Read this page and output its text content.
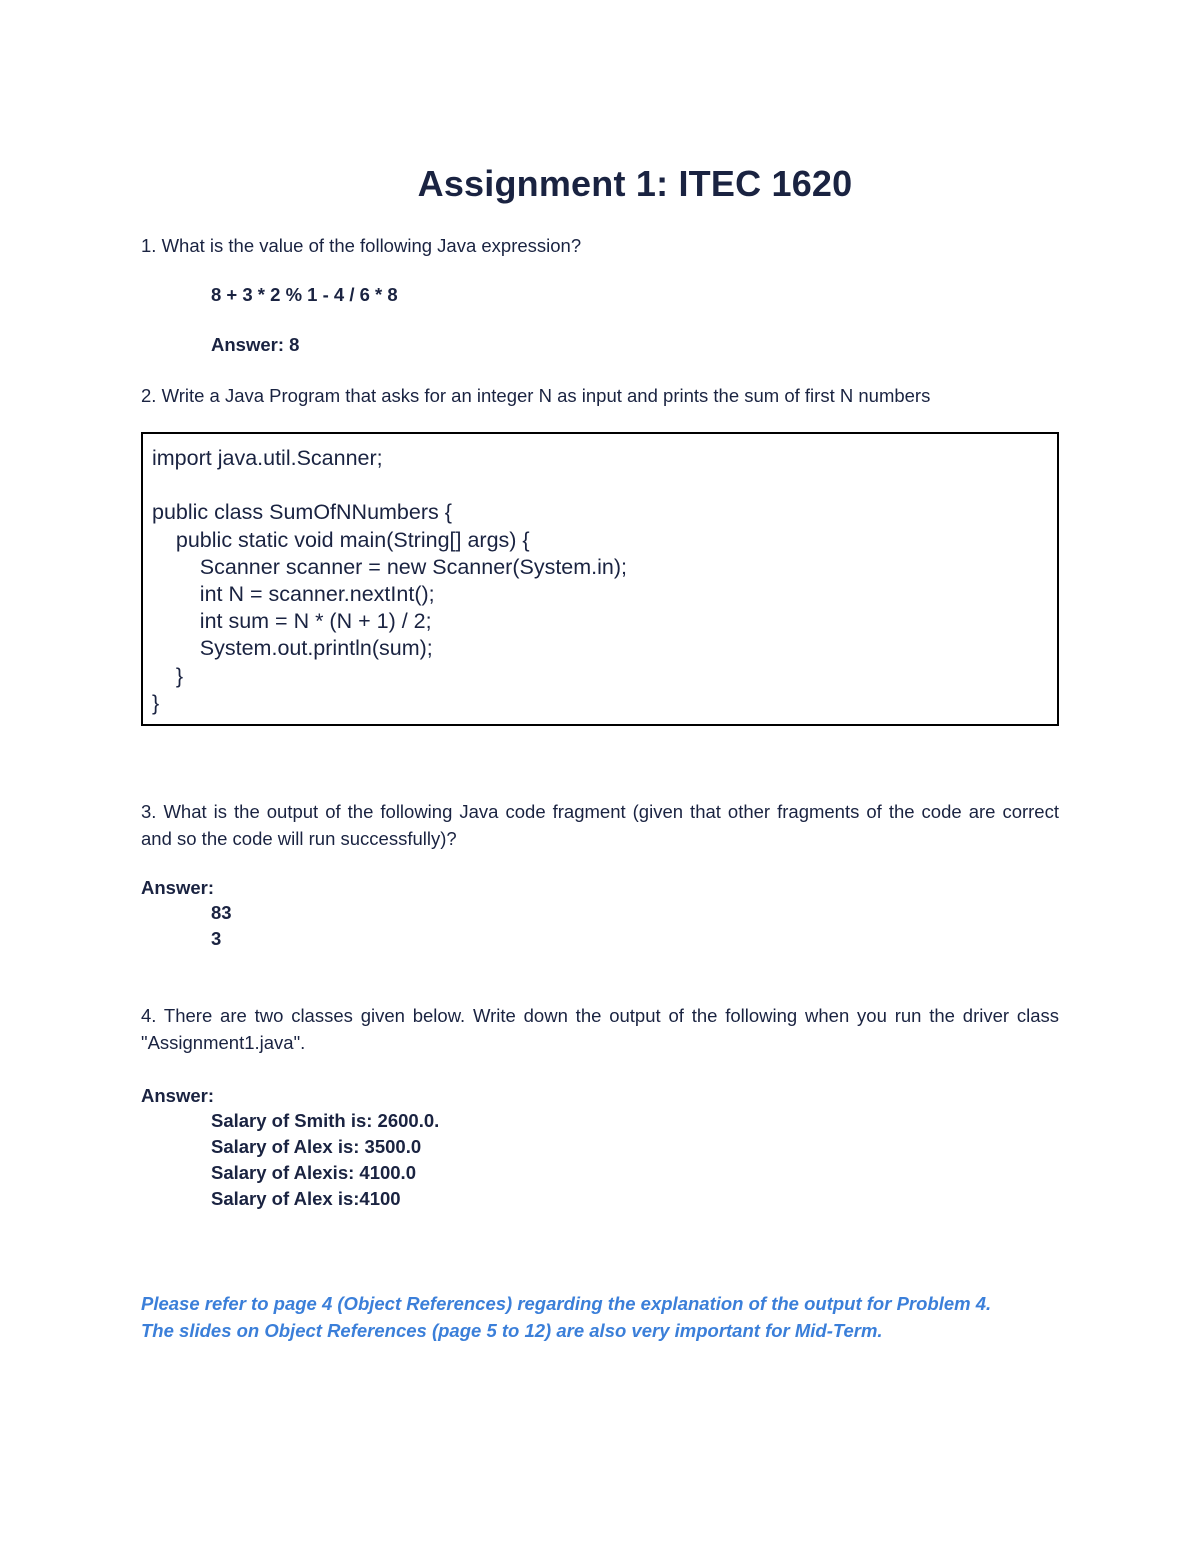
Assignment 1: ITEC 1620
1. What is the value of the following Java expression?
8 + 3 * 2 % 1 - 4 / 6 * 8
Answer: 8
2. Write a Java Program that asks for an integer N as input and prints the sum of first N numbers
import java.util.Scanner;
public class SumOfNNumbers {
public static void main(String[] args) {
Scanner scanner = new Scanner(System.in);
int N = scanner.nextInt();
int sum = N * (N + 1) / 2;
System.out.println(sum);
}
}
3. What is the output of the following Java code fragment (given that other fragments of the code are correct and so the code will run successfully)?
Answer:
83
3
4. There are two classes given below. Write down the output of the following when you run the driver class "Assignment1.java".
Answer:
Salary of Smith is: 2600.0.
Salary of Alex is: 3500.0
Salary of Alexis: 4100.0
Salary of Alex is:4100
Please refer to page 4 (Object References) regarding the explanation of the output for Problem 4.
The slides on Object References (page 5 to 12) are also very important for Mid-Term.
